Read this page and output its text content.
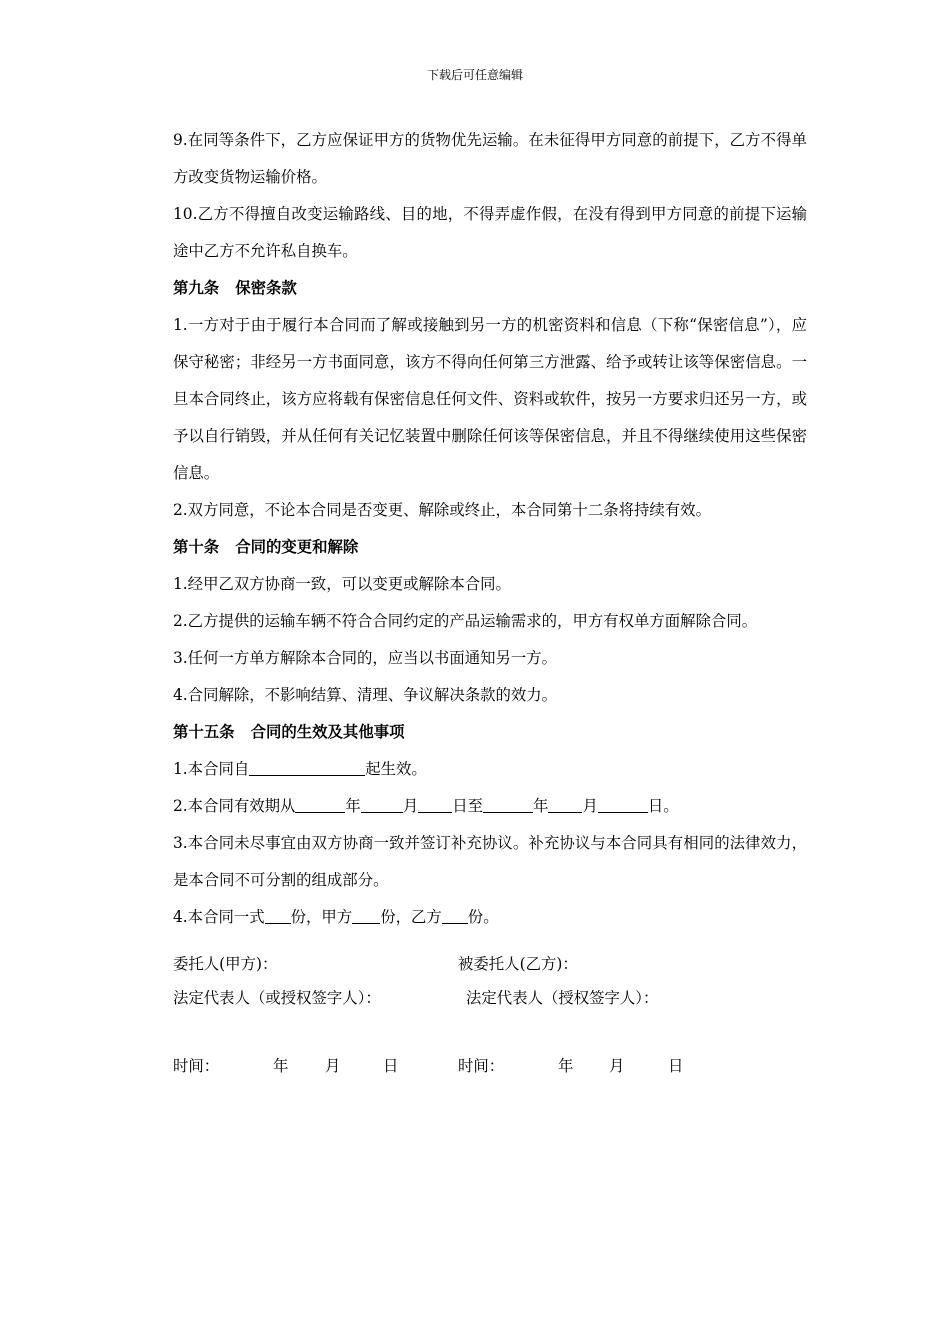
下载后可任意编辑

9.在同等条件下，乙方应保证甲方的货物优先运输。在未征得甲方同意的前提下，乙方不得单方改变货物运输价格。

10.乙方不得擅自改变运输路线、目的地，不得弄虚作假，在没有得到甲方同意的前提下运输途中乙方不允许私自换车。

第九条 保密条款

1.一方对于由于履行本合同而了解或接触到另一方的机密资料和信息（下称“保密信息”），应保守秘密；非经另一方书面同意，该方不得向任何第三方泄露、给予或转让该等保密信息。一旦本合同终止，该方应将载有保密信息任何文件、资料或软件，按另一方要求归还另一方，或予以自行销毁，并从任何有关记忆装置中删除任何该等保密信息，并且不得继续使用这些保密信息。

2.双方同意，不论本合同是否变更、解除或终止，本合同第十二条将持续有效。

第十条 合同的变更和解除

1.经甲乙双方协商一致，可以变更或解除本合同。

2.乙方提供的运输车辆不符合合同约定的产品运输需求的，甲方有权单方面解除合同。

3.任何一方单方解除本合同的，应当以书面通知另一方。

4.合同解除，不影响结算、清理、争议解决条款的效力。

第十五条 合同的生效及其他事项

1.本合同自	起生效。

2.本合同有效期从	年	月 日至	年 月	日。

3.本合同未尽事宜由双方协商一致并签订补充协议。补充协议与本合同具有相同的法律效力，是本合同不可分割的组成部分。

4.本合同一式 份，甲方 份，乙方 份。

委托人(甲方)：	被委托人(乙方)：
法定代表人（或授权签字人）：	法定代表人（授权签字人）：
时间：	年 月	日	时间：	年 月	日
